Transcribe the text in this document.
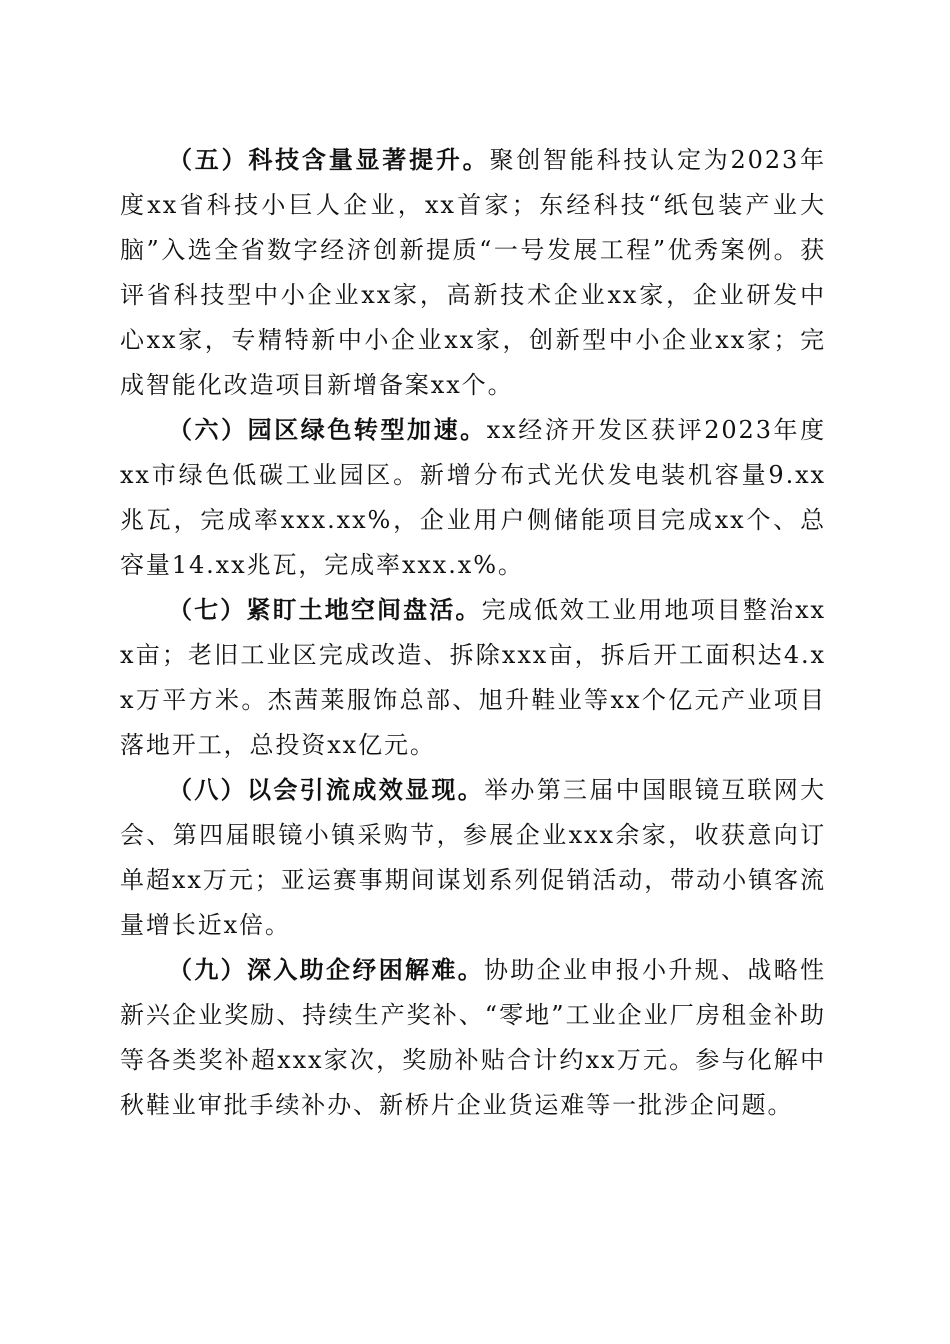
（五）科技含量显著提升。聚创智能科技认定为2023年度xx省科技小巨人企业，xx首家；东经科技“纸包装产业大脑”入选全省数字经济创新提质“一号发展工程”优秀案例。获评省科技型中小企业xx家，高新技术企业xx家，企业研发中心xx家，专精特新中小企业xx家，创新型中小企业xx家；完成智能化改造项目新增备案xx个。

（六）园区绿色转型加速。xx经济开发区获评2023年度xx市绿色低碳工业园区。新增分布式光伏发电装机容量9.xx兆瓦，完成率xxx.xx%，企业用户侧储能项目完成xx个、总容量14.xx兆瓦，完成率xxx.x%。

（七）紧盯土地空间盘活。完成低效工业用地项目整治xxx亩；老旧工业区完成改造、拆除xxx亩，拆后开工面积达4.xx万平方米。杰茜莱服饰总部、旭升鞋业等xx个亿元产业项目落地开工，总投资xx亿元。

（八）以会引流成效显现。举办第三届中国眼镜互联网大会、第四届眼镜小镇采购节，参展企业xxx余家，收获意向订单超xx万元；亚运赛事期间谋划系列促销活动，带动小镇客流量增长近x倍。

（九）深入助企纾困解难。协助企业申报小升规、战略性新兴企业奖励、持续生产奖补、“零地”工业企业厂房租金补助等各类奖补超xxx家次，奖励补贴合计约xx万元。参与化解中秋鞋业审批手续补办、新桥片企业货运难等一批涉企问题。
